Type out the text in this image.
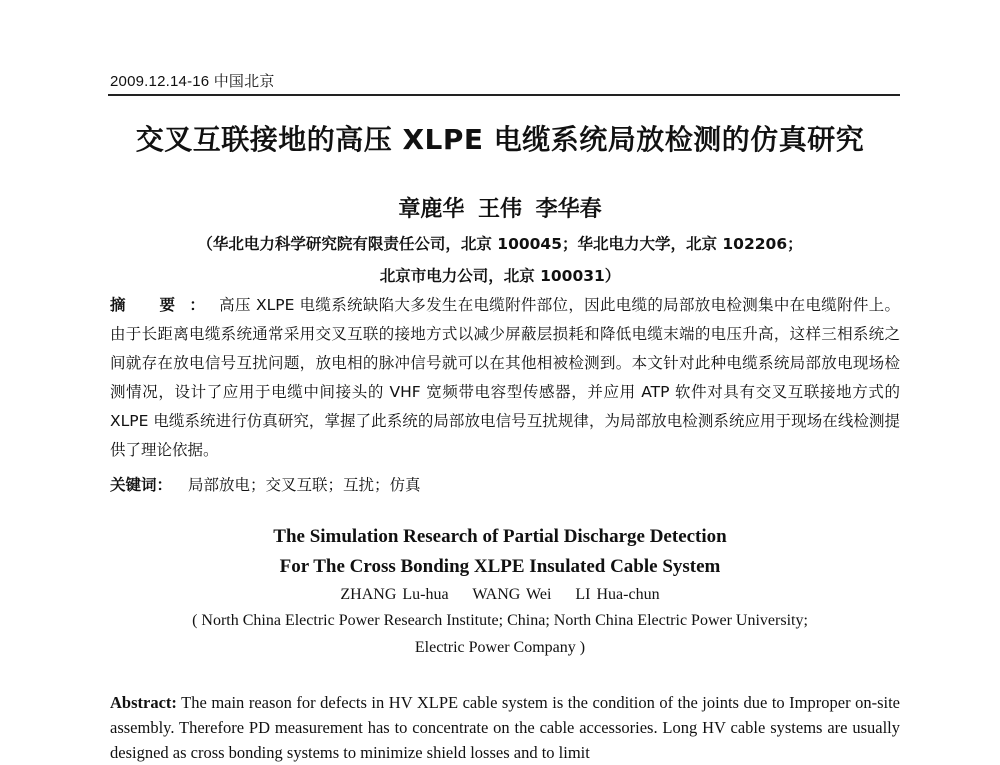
2009.12.14-16 中国北京
交叉互联接地的高压 XLPE 电缆系统局放检测的仿真研究
章鹿华 王伟 李华春
（华北电力科学研究院有限责任公司，北京 100045；华北电力大学，北京 102206；
北京市电力公司，北京 100031）
摘 要：高压 XLPE 电缆系统缺陷大多发生在电缆附件部位，因此电缆的局部放电检测集中在电缆附件上。由于长距离电缆系统通常采用交叉互联的接地方式以减少屏蔽层损耗和降低电缆末端的电压升高，这样三相系统之间就存在放电信号互扰问题，放电相的脉冲信号就可以在其他相被检测到。本文针对此种电缆系统局部放电现场检测情况，设计了应用于电缆中间接头的 VHF 宽频带电容型传感器，并应用 ATP 软件对具有交叉互联接地方式的 XLPE 电缆系统进行仿真研究，掌握了此系统的局部放电信号互扰规律，为局部放电检测系统应用于现场在线检测提供了理论依据。
关键词： 局部放电；交叉互联；互扰；仿真
The Simulation Research of Partial Discharge Detection
For The Cross Bonding XLPE Insulated Cable System
ZHANG Lu-hua    WANG Wei    LI Hua-chun
( North China Electric Power Research Institute; China; North China Electric Power University;
Electric Power Company )
Abstract: The main reason for defects in HV XLPE cable system is the condition of the joints due to Improper on-site assembly. Therefore PD measurement has to concentrate on the cable accessories. Long HV cable systems are usually designed as cross bonding systems to minimize shield losses and to limit
